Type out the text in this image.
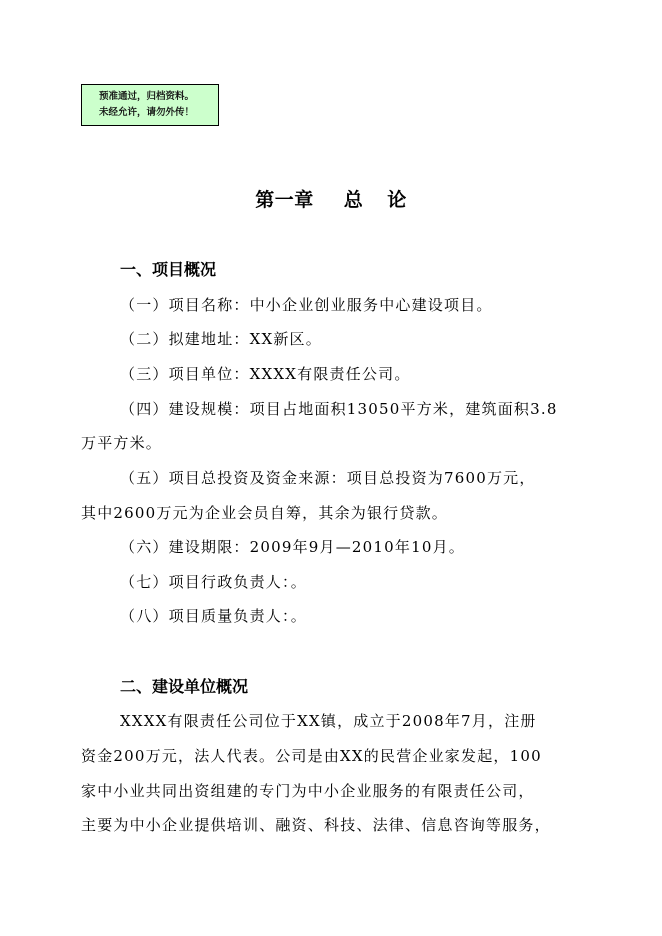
预准通过，归档资料。
未经允许，请勿外传！
第一章 总 论
一、项目概况
（一）项目名称：中小企业创业服务中心建设项目。
（二）拟建地址：XX新区。
（三）项目单位：XXXX有限责任公司。
（四）建设规模：项目占地面积13050平方米，建筑面积3.8
万平方米。
（五）项目总投资及资金来源：项目总投资为7600万元，
其中2600万元为企业会员自筹，其余为银行贷款。
（六）建设期限：2009年9月—2010年10月。
（七）项目行政负责人：。
（八）项目质量负责人：。
二、建设单位概况
XXXX有限责任公司位于XX镇，成立于2008年7月，注册
资金200万元，法人代表。公司是由XX的民营企业家发起，100
家中小业共同出资组建的专门为中小企业服务的有限责任公司，
主要为中小企业提供培训、融资、科技、法律、信息咨询等服务，
